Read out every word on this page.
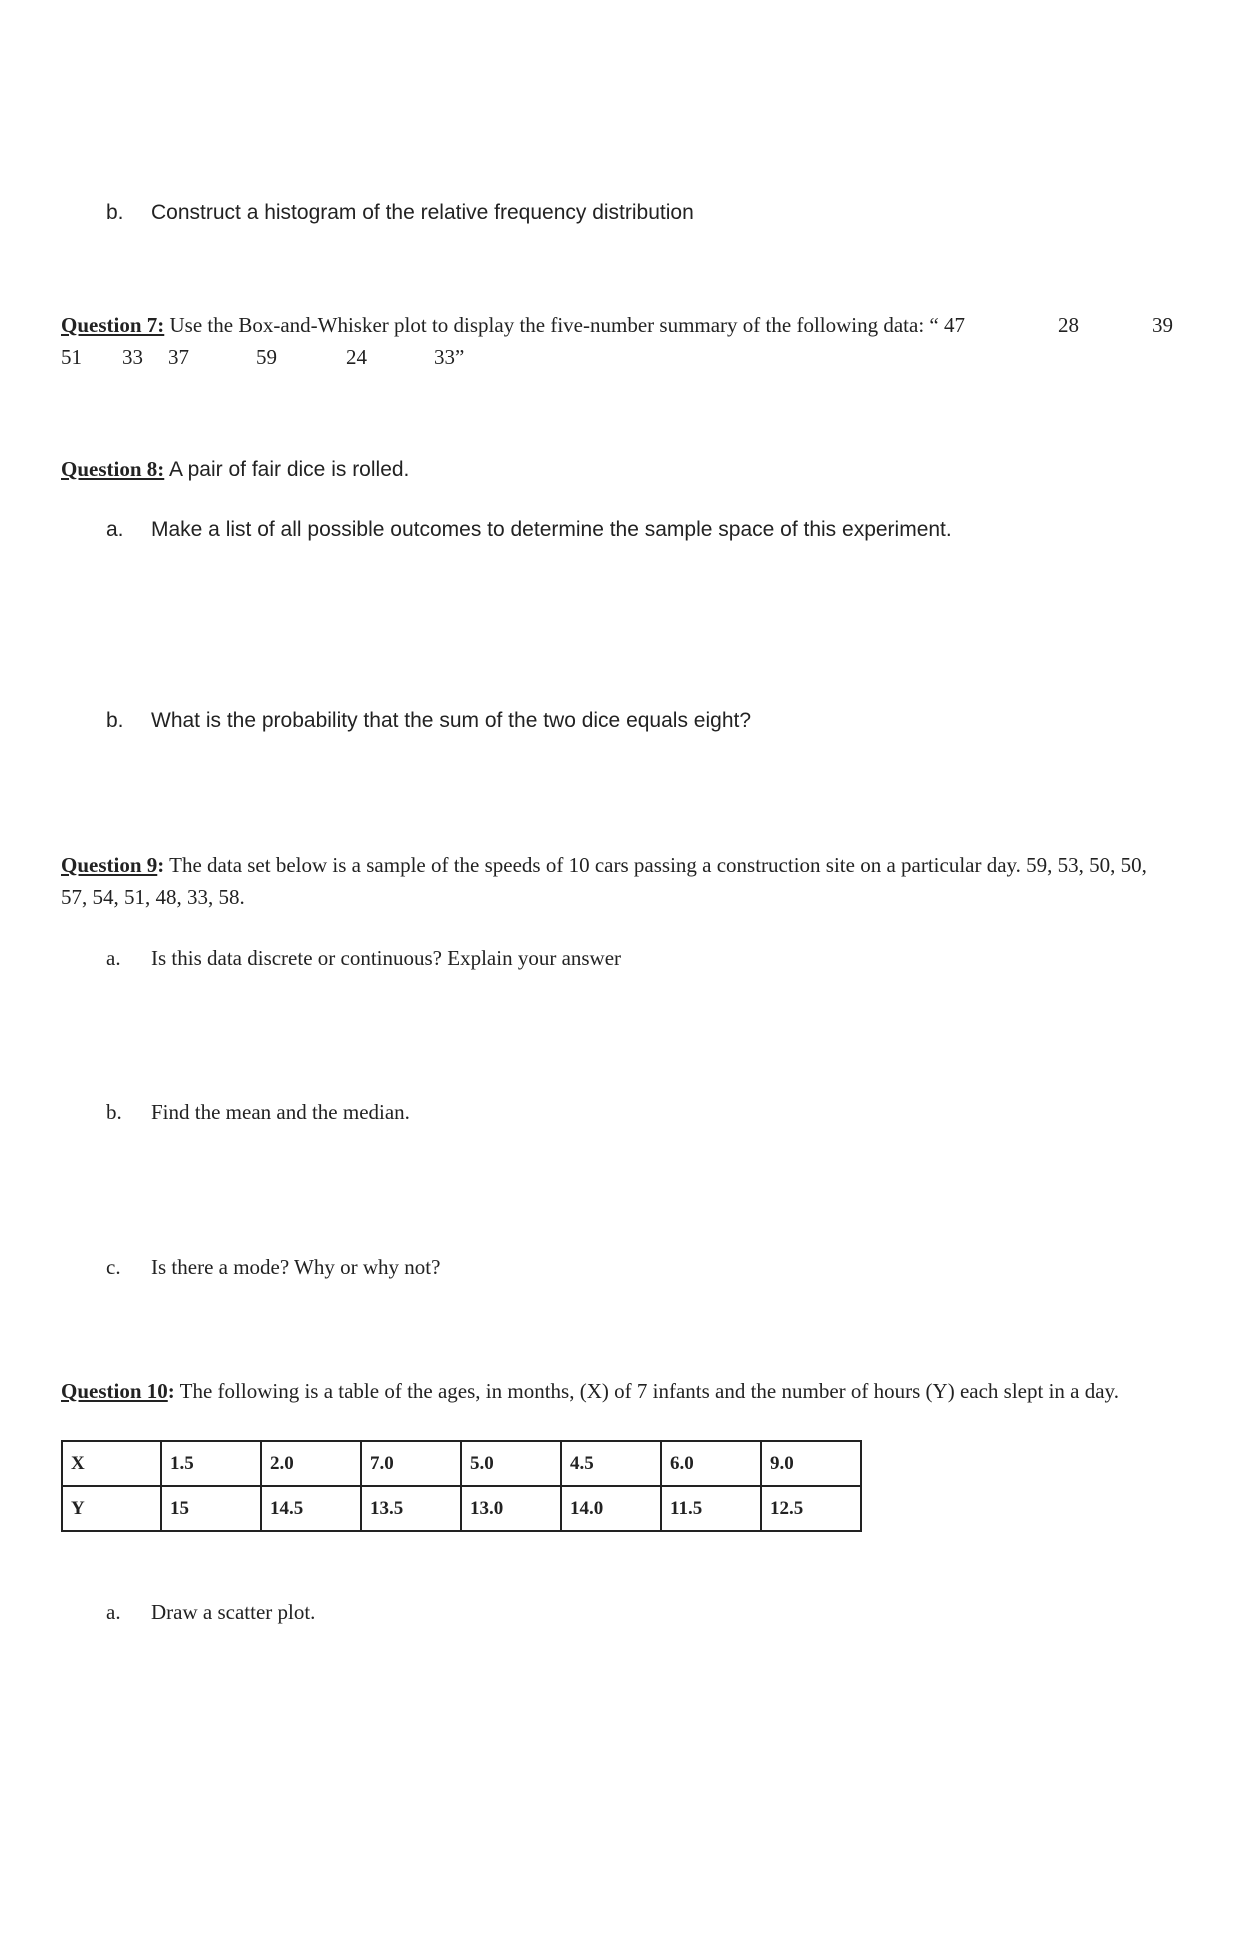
b. Construct a histogram of the relative frequency distribution
Question 7: Use the Box-and-Whisker plot to display the five-number summary of the following data: “ 47	28	39
51 33 37	59	24	33”
Question 8: A pair of fair dice is rolled.
a. Make a list of all possible outcomes to determine the sample space of this experiment.
b. What is the probability that the sum of the two dice equals eight?
Question 9: The data set below is a sample of the speeds of 10 cars passing a construction site on a particular day. 59, 53, 50, 50,
57, 54, 51, 48, 33, 58.
a. Is this data discrete or continuous? Explain your answer
b. Find the mean and the median.
c. Is there a mode? Why or why not?
Question 10: The following is a table of the ages, in months, (X) of 7 infants and the number of hours (Y) each slept in a day.
X	1.5	2.0	7.0	5.0	4.5	6.0	9.0
Y	15	14.5	13.5	13.0	14.0	11.5	12.5
a. Draw a scatter plot.
